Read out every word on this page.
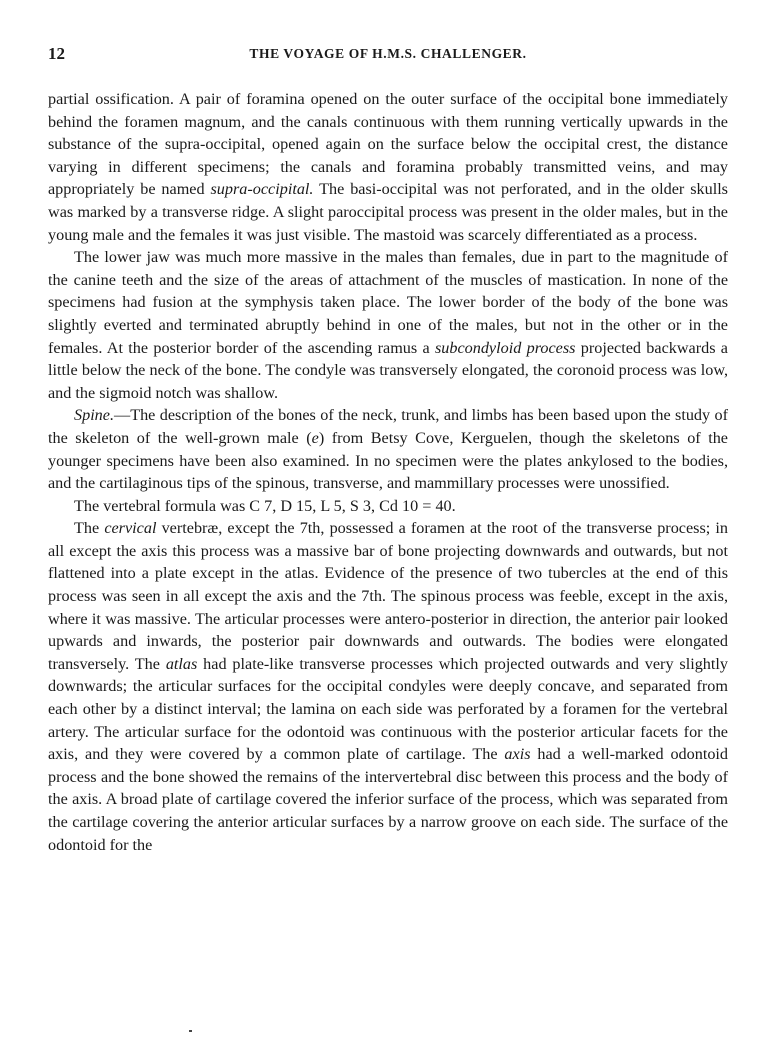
12	THE VOYAGE OF H.M.S. CHALLENGER.

partial ossification. A pair of foramina opened on the outer surface of the occipital bone immediately behind the foramen magnum, and the canals continuous with them running vertically upwards in the substance of the supra-occipital, opened again on the surface below the occipital crest, the distance varying in different specimens; the canals and foramina probably transmitted veins, and may appropriately be named supra-occipital. The basi-occipital was not perforated, and in the older skulls was marked by a transverse ridge. A slight paroccipital process was present in the older males, but in the young male and the females it was just visible. The mastoid was scarcely differentiated as a process.

The lower jaw was much more massive in the males than females, due in part to the magnitude of the canine teeth and the size of the areas of attachment of the muscles of mastication. In none of the specimens had fusion at the symphysis taken place. The lower border of the body of the bone was slightly everted and terminated abruptly behind in one of the males, but not in the other or in the females. At the posterior border of the ascending ramus a subcondyloid process projected backwards a little below the neck of the bone. The condyle was transversely elongated, the coronoid process was low, and the sigmoid notch was shallow.

Spine.—The description of the bones of the neck, trunk, and limbs has been based upon the study of the skeleton of the well-grown male (e) from Betsy Cove, Kerguelen, though the skeletons of the younger specimens have been also examined. In no specimen were the plates ankylosed to the bodies, and the cartilaginous tips of the spinous, transverse, and mammillary processes were unossified.

The vertebral formula was C 7, D 15, L 5, S 3, Cd 10 = 40.

The cervical vertebræ, except the 7th, possessed a foramen at the root of the transverse process; in all except the axis this process was a massive bar of bone projecting downwards and outwards, but not flattened into a plate except in the atlas. Evidence of the presence of two tubercles at the end of this process was seen in all except the axis and the 7th. The spinous process was feeble, except in the axis, where it was massive. The articular processes were antero-posterior in direction, the anterior pair looked upwards and inwards, the posterior pair downwards and outwards. The bodies were elongated transversely. The atlas had plate-like transverse processes which projected outwards and very slightly downwards; the articular surfaces for the occipital condyles were deeply concave, and separated from each other by a distinct interval; the lamina on each side was perforated by a foramen for the vertebral artery. The articular surface for the odontoid was continuous with the posterior articular facets for the axis, and they were covered by a common plate of cartilage. The axis had a well-marked odontoid process and the bone showed the remains of the intervertebral disc between this process and the body of the axis. A broad plate of cartilage covered the inferior surface of the process, which was separated from the cartilage covering the anterior articular surfaces by a narrow groove on each side. The surface of the odontoid for the
